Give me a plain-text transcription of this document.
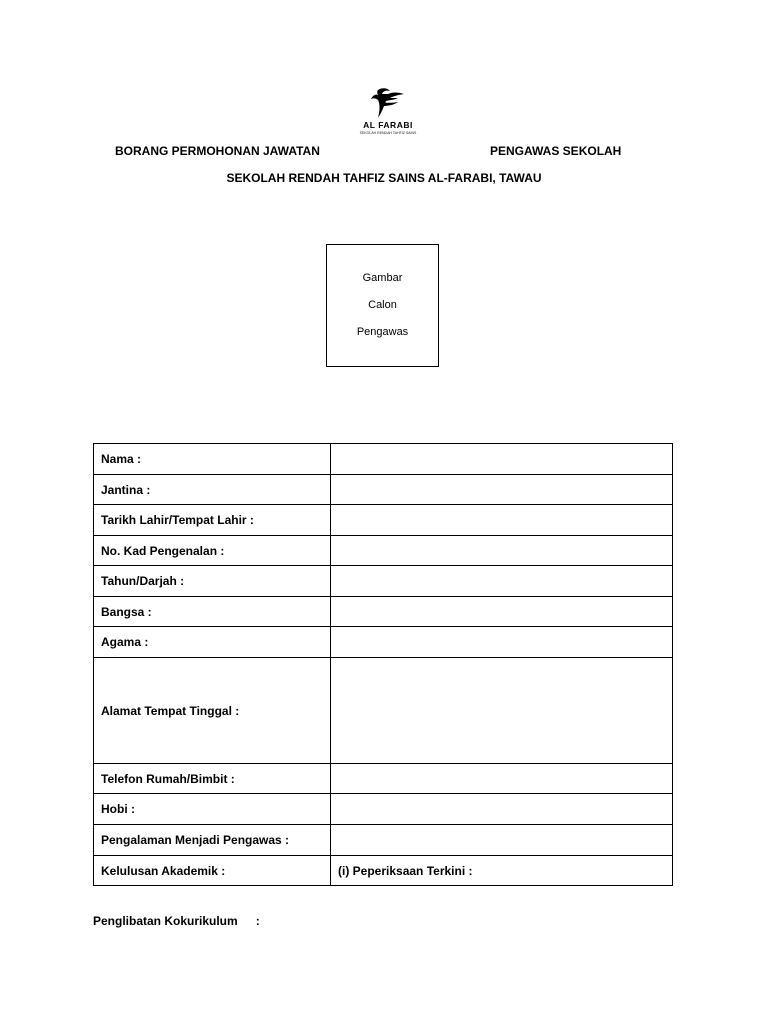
AL FARABI
SEKOLAH RENDAH TAHFIZ SAINS
BORANG PERMOHONAN JAWATAN	PENGAWAS SEKOLAH
SEKOLAH RENDAH TAHFIZ SAINS AL-FARABI, TAWAU
Gambar
Calon
Pengawas
Nama :	
Jantina :	
Tarikh Lahir/Tempat Lahir :	
No. Kad Pengenalan :	
Tahun/Darjah :	
Bangsa :	
Agama :	
Alamat Tempat Tinggal :	
Telefon Rumah/Bimbit :	
Hobi :	
Pengalaman Menjadi Pengawas :	
Kelulusan Akademik :	(i) Peperiksaan Terkini :
Penglibatan Kokurikulum :
